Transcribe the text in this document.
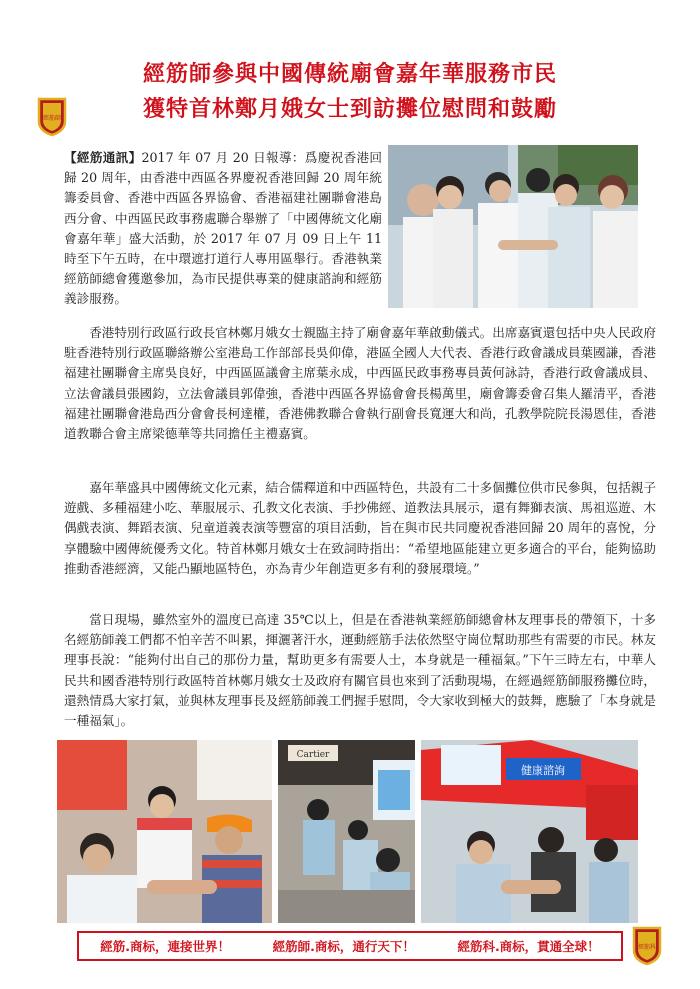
經筋師
經筋師參與中國傳統廟會嘉年華服務市民
獲特首林鄭月娥女士到訪攤位慰問和鼓勵

【經筋通訊】2017 年 07 月 20 日報導：爲慶祝香港回歸 20 周年，由香港中西區各界慶祝香港回歸 20 周年統籌委員會、香港中西區各界協會、香港福建社團聯會港島西分會、中西區民政事務處聯合舉辦了「中國傳統文化廟會嘉年華」盛大活動，於 2017 年 07 月 09 日上午 11 時至下午五時，在中環遮打道行人專用區舉行。香港執業經筋師總會獲邀參加，為市民提供專業的健康諮詢和經筋義診服務。

香港特別行政區行政長官林鄭月娥女士親臨主持了廟會嘉年華啟動儀式。出席嘉賓還包括中央人民政府駐香港特別行政區聯絡辦公室港島工作部部長吳仰偉，港區全國人大代表、香港行政會議成員葉國謙，香港福建社團聯會主席吳良好，中西區區議會主席葉永成，中西區民政事務專員黃何詠詩，香港行政會議成員、立法會議員張國鈞，立法會議員郭偉強，香港中西區各界協會會長楊萬里，廟會籌委會召集人羅清平，香港福建社團聯會港島西分會會長柯達權，香港佛教聯合會執行副會長寬運大和尚，孔教學院院長湯恩佳，香港道教聯合會主席梁德華等共同擔任主禮嘉賓。

嘉年華盛具中國傳統文化元素，結合儒釋道和中西區特色，共設有二十多個攤位供市民參與，包括親子遊戲、多種福建小吃、華服展示、孔教文化表演、手抄佛經、道教法具展示，還有舞獅表演、馬祖巡遊、木偶戲表演、舞蹈表演、兒童道義表演等豐富的項目活動，旨在與市民共同慶祝香港回歸 20 周年的喜悅，分享體驗中國傳統優秀文化。特首林鄭月娥女士在致詞時指出：“希望地區能建立更多適合的平台，能夠協助推動香港經濟，又能凸顯地區特色，亦為青少年創造更多有利的發展環境。”

當日現場，雖然室外的溫度已高達 35℃以上，但是在香港執業經筋師總會林友理事長的帶領下，十多名經筋師義工們都不怕辛苦不叫累，揮灑著汗水，運動經筋手法依然堅守崗位幫助那些有需要的市民。林友理事長說：“能夠付出自己的那份力量，幫助更多有需要人士，本身就是一種福氣。”下午三時左右，中華人民共和國香港特別行政區特首林鄭月娥女士及政府有關官員也來到了活動現場，在經過經筋師服務攤位時，還熱情爲大家打氣，並與林友理事長及經筋師義工們握手慰問，令大家收到極大的鼓舞，應驗了「本身就是一種福氣」。

Cartier
健康諮詢
經筋.商标，連接世界！	經筋師.商标，通行天下！	經筋科.商标，貫通全球！	經筋科
